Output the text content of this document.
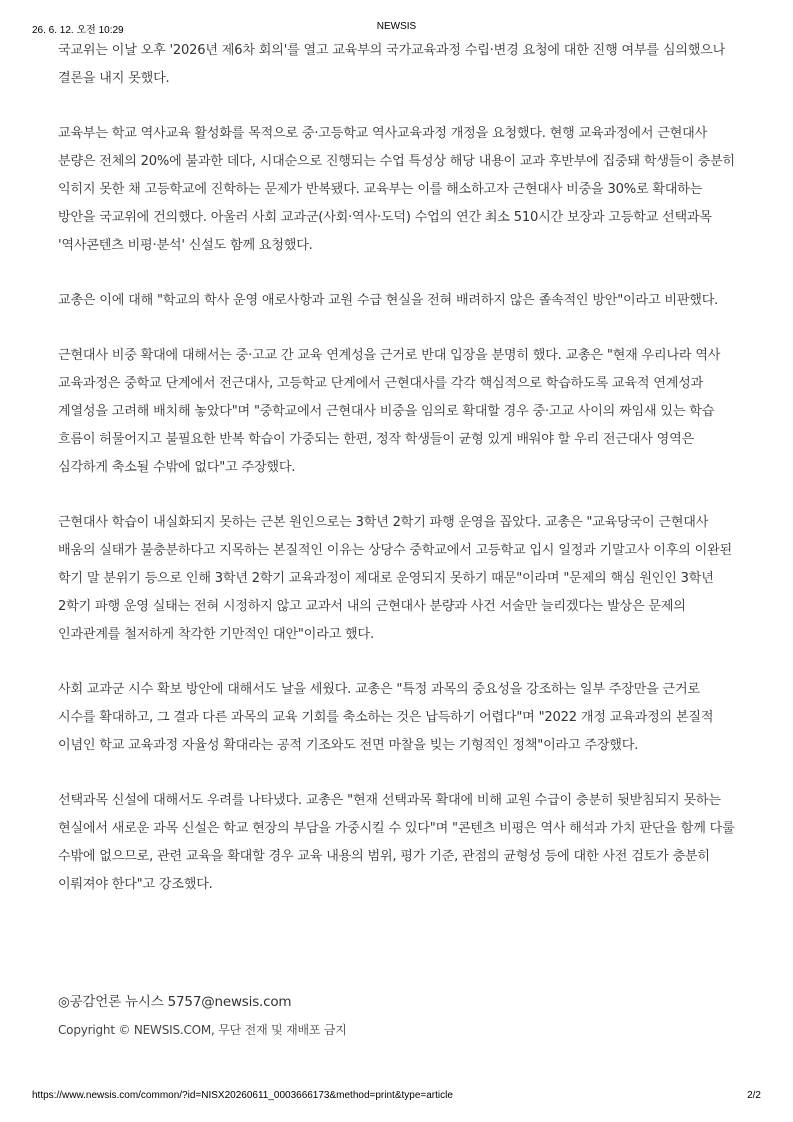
26. 6. 12. 오전 10:29	NEWSIS

국교위는 이날 오후 '2026년 제6차 회의'를 열고 교육부의 국가교육과정 수립·변경 요청에 대한 진행 여부를 심의했으나 결론을 내지 못했다.

교육부는 학교 역사교육 활성화를 목적으로 중·고등학교 역사교육과정 개정을 요청했다. 현행 교육과정에서 근현대사 분량은 전체의 20%에 불과한 데다, 시대순으로 진행되는 수업 특성상 해당 내용이 교과 후반부에 집중돼 학생들이 충분히 익히지 못한 채 고등학교에 진학하는 문제가 반복됐다. 교육부는 이를 해소하고자 근현대사 비중을 30%로 확대하는 방안을 국교위에 건의했다. 아울러 사회 교과군(사회·역사·도덕) 수업의 연간 최소 510시간 보장과 고등학교 선택과목 '역사콘텐츠 비평·분석' 신설도 함께 요청했다.

교총은 이에 대해 "학교의 학사 운영 애로사항과 교원 수급 현실을 전혀 배려하지 않은 졸속적인 방안"이라고 비판했다.

근현대사 비중 확대에 대해서는 중·고교 간 교육 연계성을 근거로 반대 입장을 분명히 했다. 교총은 "현재 우리나라 역사 교육과정은 중학교 단계에서 전근대사, 고등학교 단계에서 근현대사를 각각 핵심적으로 학습하도록 교육적 연계성과 계열성을 고려해 배치해 놓았다"며 "중학교에서 근현대사 비중을 임의로 확대할 경우 중·고교 사이의 짜임새 있는 학습 흐름이 허물어지고 불필요한 반복 학습이 가중되는 한편, 정작 학생들이 균형 있게 배워야 할 우리 전근대사 영역은 심각하게 축소될 수밖에 없다"고 주장했다.

근현대사 학습이 내실화되지 못하는 근본 원인으로는 3학년 2학기 파행 운영을 꼽았다. 교총은 "교육당국이 근현대사 배움의 실태가 불충분하다고 지목하는 본질적인 이유는 상당수 중학교에서 고등학교 입시 일정과 기말고사 이후의 이완된 학기 말 분위기 등으로 인해 3학년 2학기 교육과정이 제대로 운영되지 못하기 때문"이라며 "문제의 핵심 원인인 3학년 2학기 파행 운영 실태는 전혀 시정하지 않고 교과서 내의 근현대사 분량과 사건 서술만 늘리겠다는 발상은 문제의 인과관계를 철저하게 착각한 기만적인 대안"이라고 했다.

사회 교과군 시수 확보 방안에 대해서도 날을 세웠다. 교총은 "특정 과목의 중요성을 강조하는 일부 주장만을 근거로 시수를 확대하고, 그 결과 다른 과목의 교육 기회를 축소하는 것은 납득하기 어렵다"며 "2022 개정 교육과정의 본질적 이념인 학교 교육과정 자율성 확대라는 공적 기조와도 전면 마찰을 빚는 기형적인 정책"이라고 주장했다.

선택과목 신설에 대해서도 우려를 나타냈다. 교총은 "현재 선택과목 확대에 비해 교원 수급이 충분히 뒷받침되지 못하는 현실에서 새로운 과목 신설은 학교 현장의 부담을 가중시킬 수 있다"며 "콘텐츠 비평은 역사 해석과 가치 판단을 함께 다룰 수밖에 없으므로, 관련 교육을 확대할 경우 교육 내용의 범위, 평가 기준, 관점의 균형성 등에 대한 사전 검토가 충분히 이뤄져야 한다"고 강조했다.

◎공감언론 뉴시스 5757@newsis.com
Copyright © NEWSIS.COM, 무단 전재 및 재배포 금지
https://www.newsis.com/common/?id=NISX20260611_0003666173&method=print&type=article	2/2
